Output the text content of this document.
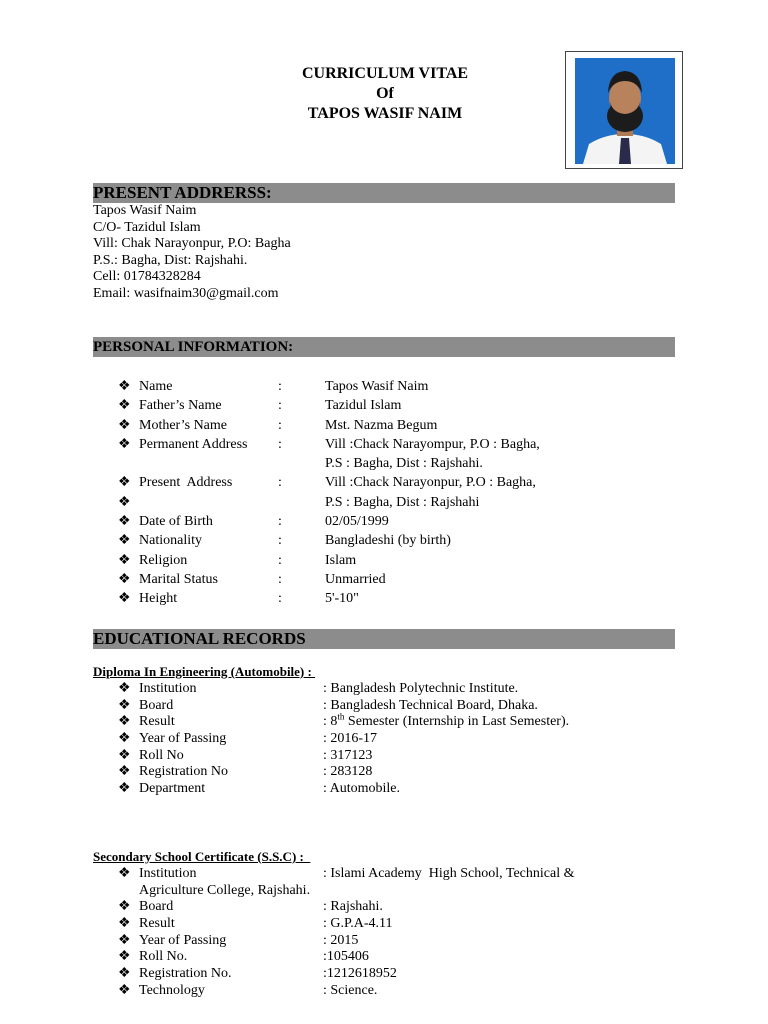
CURRICULUM VITAE
Of
TAPOS WASIF NAIM
PRESENT ADDRERSS:
Tapos Wasif Naim
C/O- Tazidul Islam
Vill: Chak Narayonpur, P.O: Bagha
P.S.: Bagha, Dist: Rajshahi.
Cell: 01784328284
Email: wasifnaim30@gmail.com
PERSONAL INFORMATION:
❖ Name	:	Tapos Wasif Naim
❖ Father’s Name	:	Tazidul Islam
❖ Mother’s Name	:	Mst. Nazma Begum
❖ Permanent Address :	Vill :Chack Narayompur, P.O : Bagha,
P.S : Bagha, Dist : Rajshahi.
❖ Present  Address	:	Vill :Chack Narayonpur, P.O : Bagha,
❖	P.S : Bagha, Dist : Rajshahi
❖ Date of Birth	:	02/05/1999
❖ Nationality	:	Bangladeshi (by birth)
❖ Religion	:	Islam
❖ Marital Status	:	Unmarried
❖ Height	:	5'-10"
EDUCATIONAL RECORDS
Diploma In Engineering (Automobile) :
❖ Institution	: Bangladesh Polytechnic Institute.
❖ Board	: Bangladesh Technical Board, Dhaka.
❖ Result	: 8th Semester (Internship in Last Semester).
❖ Year of Passing	: 2016-17
❖ Roll No	: 317123
❖ Registration No	: 283128
❖ Department	: Automobile.
Secondary School Certificate (S.S.C) :
❖ Institution	: Islami Academy  High School, Technical &
Agriculture College, Rajshahi.
❖ Board	: Rajshahi.
❖ Result	: G.P.A-4.11
❖ Year of Passing	: 2015
❖ Roll No.	:105406
❖ Registration No.	:1212618952
❖ Technology	: Science.
